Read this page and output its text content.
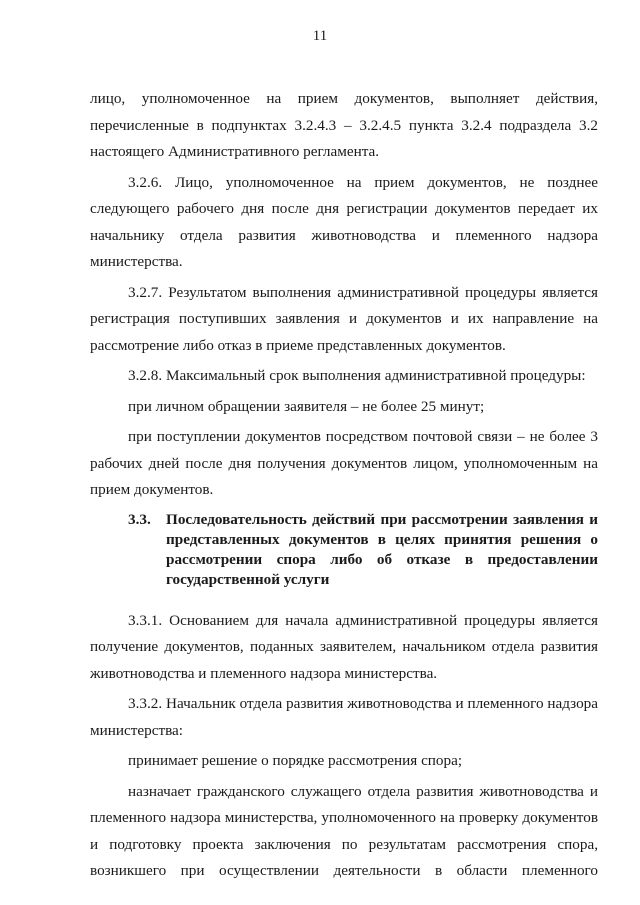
11

лицо, уполномоченное на прием документов, выполняет действия, перечисленные в подпунктах 3.2.4.3 – 3.2.4.5 пункта 3.2.4 подраздела 3.2 настоящего Административного регламента.

3.2.6. Лицо, уполномоченное на прием документов, не позднее следующего рабочего дня после дня регистрации документов передает их начальнику отдела развития животноводства и племенного надзора министерства.

3.2.7. Результатом выполнения административной процедуры является регистрация поступивших заявления и документов и их направление на рассмотрение либо отказ в приеме представленных документов.

3.2.8. Максимальный срок выполнения административной процедуры:

при личном обращении заявителя – не более 25 минут;

при поступлении документов посредством почтовой связи – не более 3 рабочих дней после дня получения документов лицом, уполномоченным на прием документов.

3.3.	Последовательность действий при рассмотрении заявления и представленных документов в целях принятия решения о рассмотрении спора либо об отказе в предоставлении государственной услуги

3.3.1. Основанием для начала административной процедуры является получение документов, поданных заявителем, начальником отдела развития животноводства и племенного надзора министерства.

3.3.2. Начальник отдела развития животноводства и племенного надзора министерства:

принимает решение о порядке рассмотрения спора;

назначает гражданского служащего отдела развития животноводства и племенного надзора министерства, уполномоченного на проверку документов и подготовку проекта заключения по результатам рассмотрения спора, возникшего при осуществлении деятельности в области племенного
